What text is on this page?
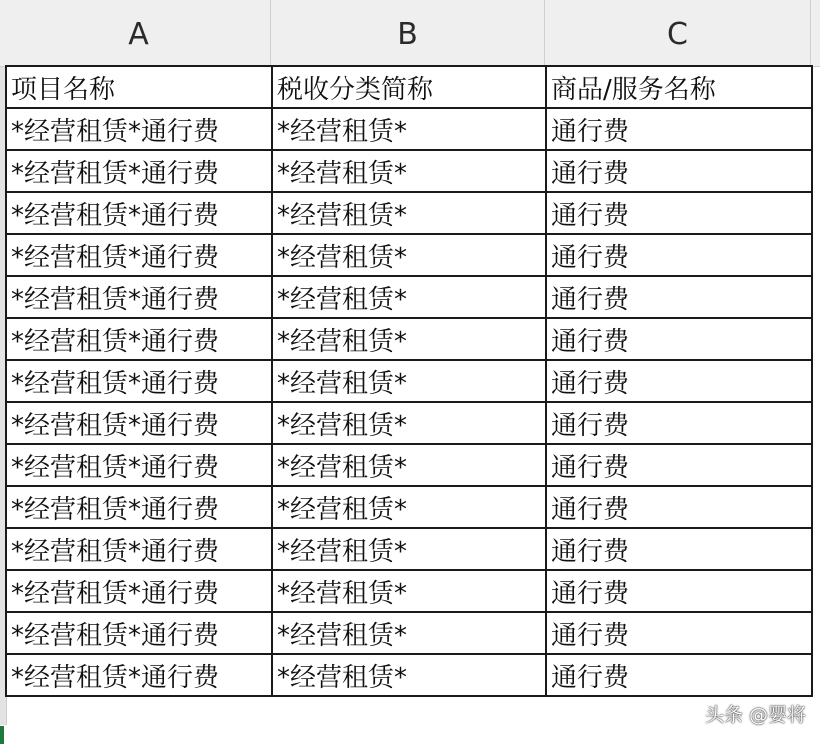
A	B	C
项目名称	税收分类简称	商品/服务名称
*经营租赁*通行费	*经营租赁*	通行费
*经营租赁*通行费	*经营租赁*	通行费
*经营租赁*通行费	*经营租赁*	通行费
*经营租赁*通行费	*经营租赁*	通行费
*经营租赁*通行费	*经营租赁*	通行费
*经营租赁*通行费	*经营租赁*	通行费
*经营租赁*通行费	*经营租赁*	通行费
*经营租赁*通行费	*经营租赁*	通行费
*经营租赁*通行费	*经营租赁*	通行费
*经营租赁*通行费	*经营租赁*	通行费
*经营租赁*通行费	*经营租赁*	通行费
*经营租赁*通行费	*经营租赁*	通行费
*经营租赁*通行费	*经营租赁*	通行费
*经营租赁*通行费	*经营租赁*	通行费
头条 @婴将
